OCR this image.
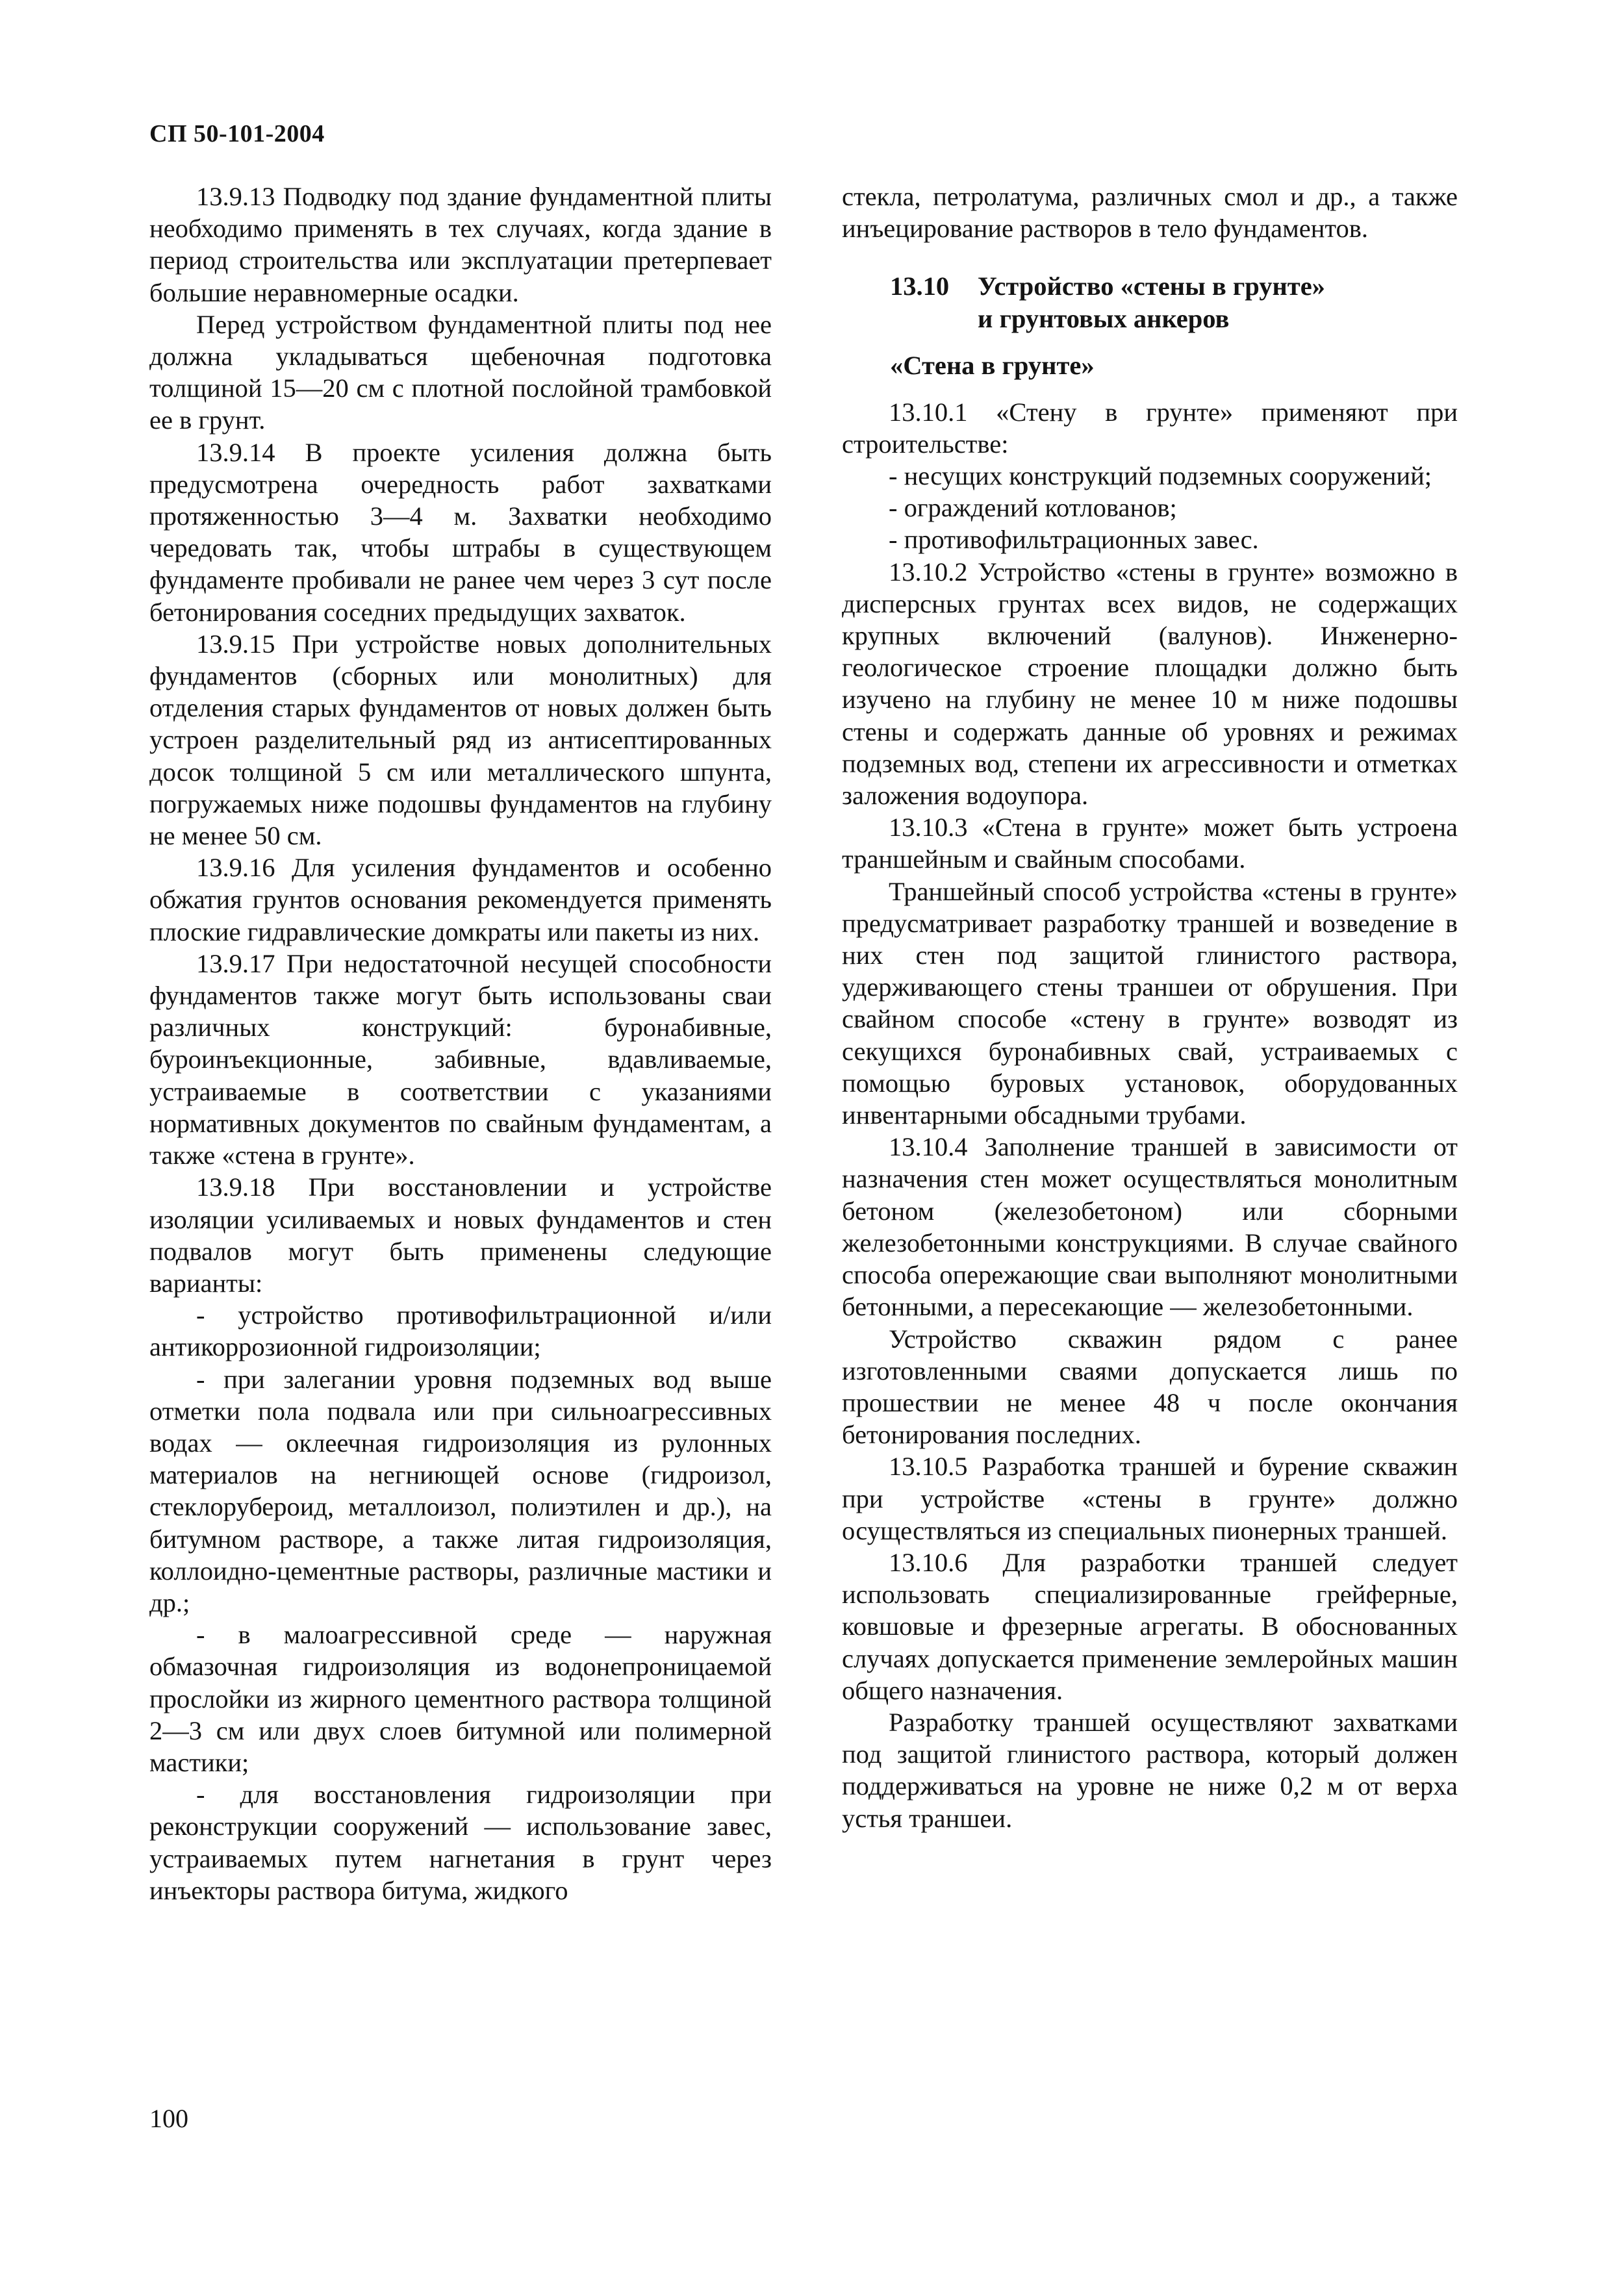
СП 50-101-2004

13.9.13 Подводку под здание фундаментной плиты необходимо применять в тех случаях, когда здание в период строительства или эксплуатации претерпевает большие неравномерные осадки.

Перед устройством фундаментной плиты под нее должна укладываться щебеночная подготовка толщиной 15—20 см с плотной послойной трамбовкой ее в грунт.

13.9.14 В проекте усиления должна быть предусмотрена очередность работ захватками протяженностью 3—4 м. Захватки необходимо чередовать так, чтобы штрабы в существующем фундаменте пробивали не ранее чем через 3 сут после бетонирования соседних предыдущих захваток.

13.9.15 При устройстве новых дополнительных фундаментов (сборных или монолитных) для отделения старых фундаментов от новых должен быть устроен разделительный ряд из антисептированных досок толщиной 5 см или металлического шпунта, погружаемых ниже подошвы фундаментов на глубину не менее 50 см.

13.9.16 Для усиления фундаментов и особенно обжатия грунтов основания рекомендуется применять плоские гидравлические домкраты или пакеты из них.

13.9.17 При недостаточной несущей способности фундаментов также могут быть использованы сваи различных конструкций: буронабивные, буроинъекционные, забивные, вдавливаемые, устраиваемые в соответствии с указаниями нормативных документов по свайным фундаментам, а также «стена в грунте».

13.9.18 При восстановлении и устройстве изоляции усиливаемых и новых фундаментов и стен подвалов могут быть применены следующие варианты:

- устройство противофильтрационной и/или антикоррозионной гидроизоляции;

- при залегании уровня подземных вод выше отметки пола подвала или при сильноагрессивных водах — оклеечная гидроизоляция из рулонных материалов на негниющей основе (гидроизол, стеклорубероид, металлоизол, полиэтилен и др.), на битумном растворе, а также литая гидроизоляция, коллоидно-цементные растворы, различные мастики и др.;

- в малоагрессивной среде — наружная обмазочная гидроизоляция из водонепроницаемой прослойки из жирного цементного раствора толщиной 2—3 см или двух слоев битумной или полимерной мастики;

- для восстановления гидроизоляции при реконструкции сооружений — использование завес, устраиваемых путем нагнетания в грунт через инъекторы раствора битума, жидкого

стекла, петролатума, различных смол и др., а также инъецирование растворов в тело фундаментов.

13.10 Устройство «стены в грунте»
и грунтовых анкеров
«Стена в грунте»

13.10.1 «Стену в грунте» применяют при строительстве:

- несущих конструкций подземных сооружений;

- ограждений котлованов;

- противофильтрационных завес.

13.10.2 Устройство «стены в грунте» возможно в дисперсных грунтах всех видов, не содержащих крупных включений (валунов). Инженерно-геологическое строение площадки должно быть изучено на глубину не менее 10 м ниже подошвы стены и содержать данные об уровнях и режимах подземных вод, степени их агрессивности и отметках заложения водоупора.

13.10.3 «Стена в грунте» может быть устроена траншейным и свайным способами.

Траншейный способ устройства «стены в грунте» предусматривает разработку траншей и возведение в них стен под защитой глинистого раствора, удерживающего стены траншеи от обрушения. При свайном способе «стену в грунте» возводят из секущихся буронабивных свай, устраиваемых с помощью буровых установок, оборудованных инвентарными обсадными трубами.

13.10.4 Заполнение траншей в зависимости от назначения стен может осуществляться монолитным бетоном (железобетоном) или сборными железобетонными конструкциями. В случае свайного способа опережающие сваи выполняют монолитными бетонными, а пересекающие — железобетонными.

Устройство скважин рядом с ранее изготовленными сваями допускается лишь по прошествии не менее 48 ч после окончания бетонирования последних.

13.10.5 Разработка траншей и бурение скважин при устройстве «стены в грунте» должно осуществляться из специальных пионерных траншей.

13.10.6 Для разработки траншей следует использовать специализированные грейферные, ковшовые и фрезерные агрегаты. В обоснованных случаях допускается применение землеройных машин общего назначения.

Разработку траншей осуществляют захватками под защитой глинистого раствора, который должен поддерживаться на уровне не ниже 0,2 м от верха устья траншеи.

100
